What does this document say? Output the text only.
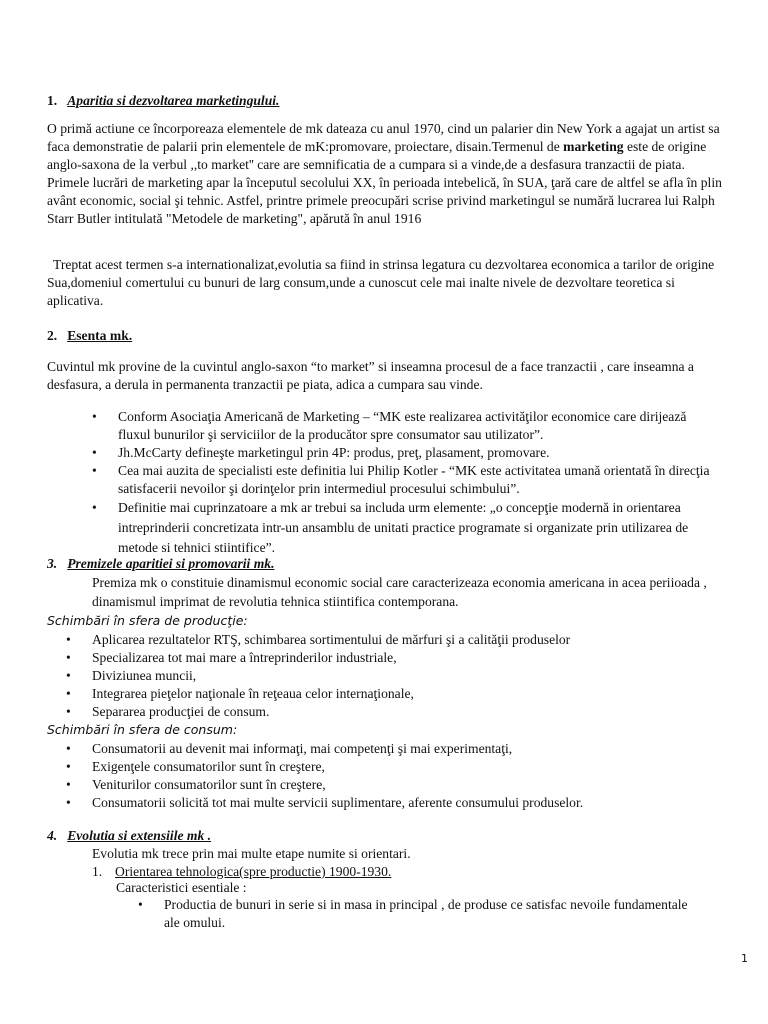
1. Aparitia si dezvoltarea marketingului.

O primă actiune ce încorporeaza elementele de mk dateaza cu anul 1970, cind un palarier din New York a agajat un artist sa faca demonstratie de palarii prin elementele de mK:promovare, proiectare, disain.Termenul de marketing este de origine anglo-saxona de la verbul ,,to market'' care are semnificatia de a cumpara si a vinde,de a desfasura tranzactii de piata. Primele lucrări de marketing apar la începutul secolului XX, în perioada intebelică, în SUA, ţară care de altfel se afla în plin avânt economic, social şi tehnic. Astfel, printre primele preocupări scrise privind marketingul se numără lucrarea lui Ralph Starr Butler intitulată "Metodele de marketing", apărută în anul 1916

Treptat acest termen s-a internationalizat,evolutia sa fiind in strinsa legatura cu dezvoltarea economica a tarilor de origine Sua,domeniul comertului cu bunuri de larg consum,unde a cunoscut cele mai inalte nivele de dezvoltare teoretica si aplicativa.

2. Esenta mk.

Cuvintul mk provine de la cuvintul anglo-saxon “to market” si inseamna procesul de a face tranzactii , care inseamna a desfasura, a derula in permanenta tranzactii pe piata, adica a cumpara sau vinde.

• Conform Asociaţia Americană de Marketing – “MK este realizarea activităţilor economice care dirijează fluxul bunurilor şi serviciilor de la producător spre consumator sau utilizator”.
• Jh.McCarty defineşte marketingul prin 4P: produs, preţ, plasament, promovare.
• Cea mai auzita de specialisti este definitia lui Philip Kotler - “MK este activitatea umană orientată în direcţia satisfacerii nevoilor şi dorinţelor prin intermediul procesului schimbului”.
• Definitie mai cuprinzatoare a mk ar trebui sa includa urm elemente: „o concepţie modernă in orientarea intreprinderii concretizata intr-un ansamblu de unitati practice programate si organizate prin utilizarea de metode si tehnici stiintifice”.
3. Premizele aparitiei si promovarii mk.

Premiza mk o constituie dinamismul economic social care caracterizeaza economia americana in acea periioada , dinamismul imprimat de revolutia tehnica stiintifica contemporana.

Schimbări în sfera de producţie:
• Aplicarea rezultatelor RTŞ, schimbarea sortimentului de mărfuri şi a calităţii produselor
• Specializarea tot mai mare a întreprinderilor industriale,
• Diviziunea muncii,
• Integrarea pieţelor naţionale în reţeaua celor internaţionale,
• Separarea producţiei de consum.
Schimbări în sfera de consum:
• Consumatorii au devenit mai informaţi, mai competenţi şi mai experimentaţi,
• Exigenţele consumatorilor sunt în creştere,
• Veniturilor consumatorilor sunt în creştere,
• Consumatorii solicită tot mai multe servicii suplimentare, aferente consumului produselor.
4. Evolutia si extensiile mk .

Evolutia mk trece prin mai multe etape numite si orientari.

1. Orientarea tehnologica(spre productie) 1900-1930.
Caracteristici esentiale :
• Productia de bunuri in serie si in masa in principal , de produse ce satisfac nevoile fundamentale ale omului.
1
